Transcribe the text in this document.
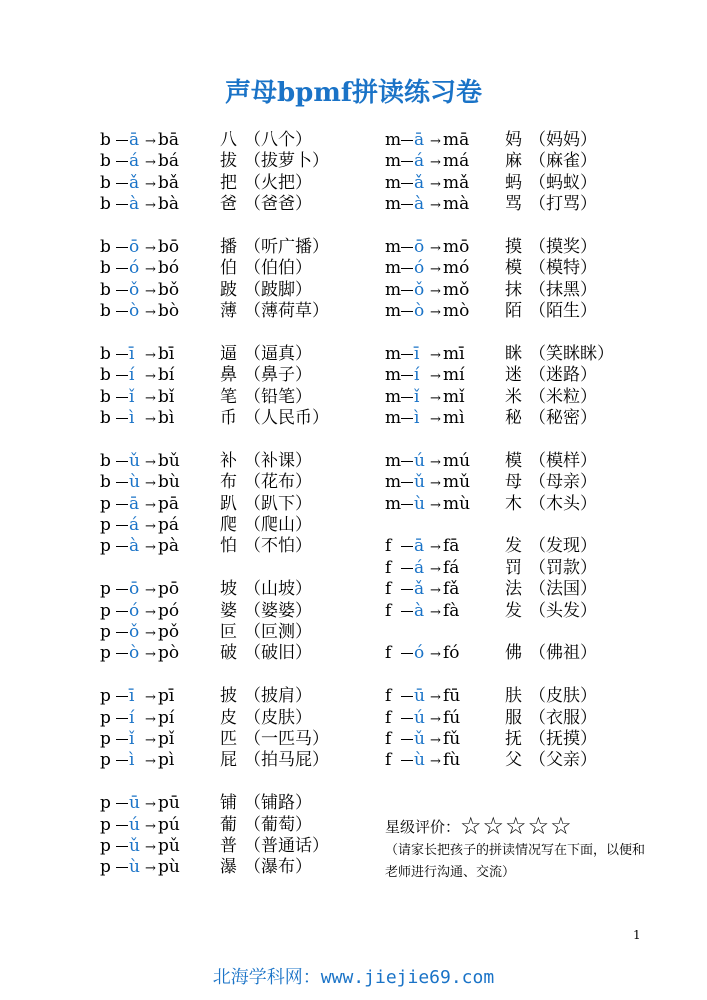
声母bpmf拼读练习卷
b ā → bā 八 （八个）
b á → bá 拔 （拔萝卜）
b ǎ → bǎ 把 （火把）
b à → bà 爸 （爸爸）
b ō → bō 播 （听广播）
b ó → bó 伯 （伯伯）
b ǒ → bǒ 跛 （跛脚）
b ò → bò 薄 （薄荷草）
b ī → bī	逼 （逼真）
b í → bí	鼻 （鼻子）
b ǐ → bǐ	笔 （铅笔）
b ì → bì	币 （人民币）
b ǔ → bǔ 补 （补课）
b ù → bù 布 （花布）
p ā → pā 趴 （趴下）
p á → pá 爬 （爬山）
p à → pà 怕 （不怕）
p ō → pō 坡 （山坡）
p ó → pó 婆 （婆婆）
p ǒ → pǒ 叵 （叵测）
p ò → pò 破 （破旧）
p ī → pī	披 （披肩）
p í → pí	皮 （皮肤）
p ǐ → pǐ	匹 （一匹马）
p ì → pì	屁 （拍马屁）
p ū → pū 铺 （铺路）
p ú → pú 葡 （葡萄）
p ǔ → pǔ 普 （普通话）
p ù → pù 瀑 （瀑布）
m ā → mā 妈 （妈妈）
m á → má 麻 （麻雀）
m ǎ → mǎ 蚂 （蚂蚁）
m à → mà 骂 （打骂）
m ō → mō 摸 （摸奖）
m ó → mó 模 （模特）
m ǒ → mǒ 抹 （抹黑）
m ò → mò 陌 （陌生）
m ī → mī 眯 （笑眯眯）
m í → mí 迷 （迷路）
m ǐ → mǐ 米 （米粒）
m ì → mì 秘 （秘密）
m ú → mú 模 （模样）
m ǔ → mǔ 母 （母亲）
m ù → mù 木 （木头）
f ā → fā	发 （发现）
f á → fá	罚 （罚款）
f ǎ → fǎ	法 （法国）
f à → fà	发 （头发）
f ó → fó	佛 （佛祖）
f ū → fū	肤 （皮肤）
f ú → fú	服 （衣服）
f ǔ → fǔ	抚 （抚摸）
f ù → fù	父 （父亲）
星级评价：☆☆☆☆☆
（请家长把孩子的拼读情况写在下面，以便和老师进行沟通、交流）
1
北海学科网：www.jiejie69.com
